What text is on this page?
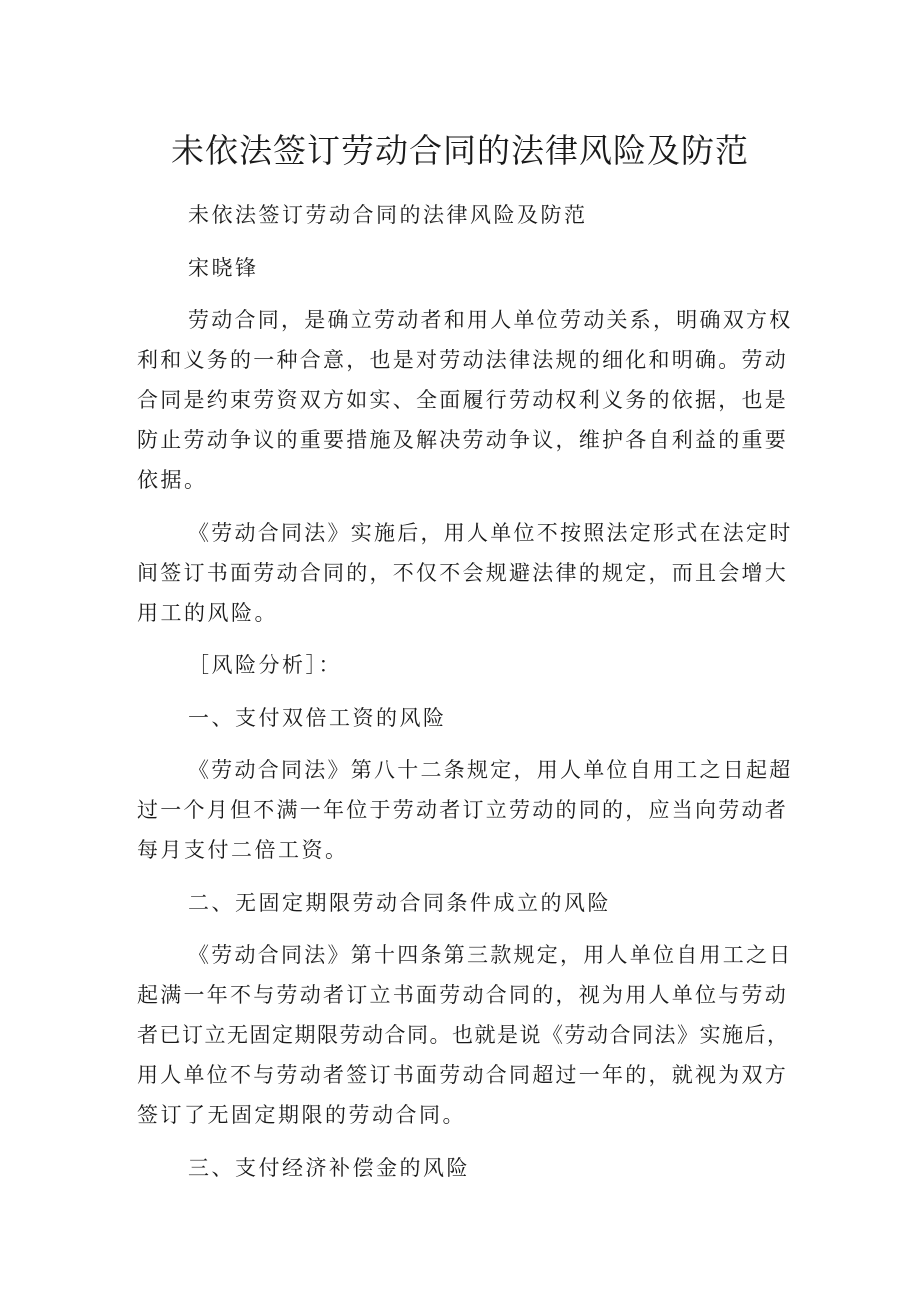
未依法签订劳动合同的法律风险及防范

未依法签订劳动合同的法律风险及防范

宋晓锋

劳动合同，是确立劳动者和用人单位劳动关系，明确双方权

利和义务的一种合意，也是对劳动法律法规的细化和明确。劳动

合同是约束劳资双方如实、全面履行劳动权利义务的依据，也是

防止劳动争议的重要措施及解决劳动争议，维护各自利益的重要

依据。

《劳动合同法》实施后，用人单位不按照法定形式在法定时

间签订书面劳动合同的，不仅不会规避法律的规定，而且会增大

用工的风险。

［风险分析］：

一、支付双倍工资的风险

《劳动合同法》第八十二条规定，用人单位自用工之日起超

过一个月但不满一年位于劳动者订立劳动的同的，应当向劳动者

每月支付二倍工资。

二、无固定期限劳动合同条件成立的风险

《劳动合同法》第十四条第三款规定，用人单位自用工之日

起满一年不与劳动者订立书面劳动合同的，视为用人单位与劳动

者已订立无固定期限劳动合同。也就是说《劳动合同法》实施后，

用人单位不与劳动者签订书面劳动合同超过一年的，就视为双方

签订了无固定期限的劳动合同。

三、支付经济补偿金的风险
